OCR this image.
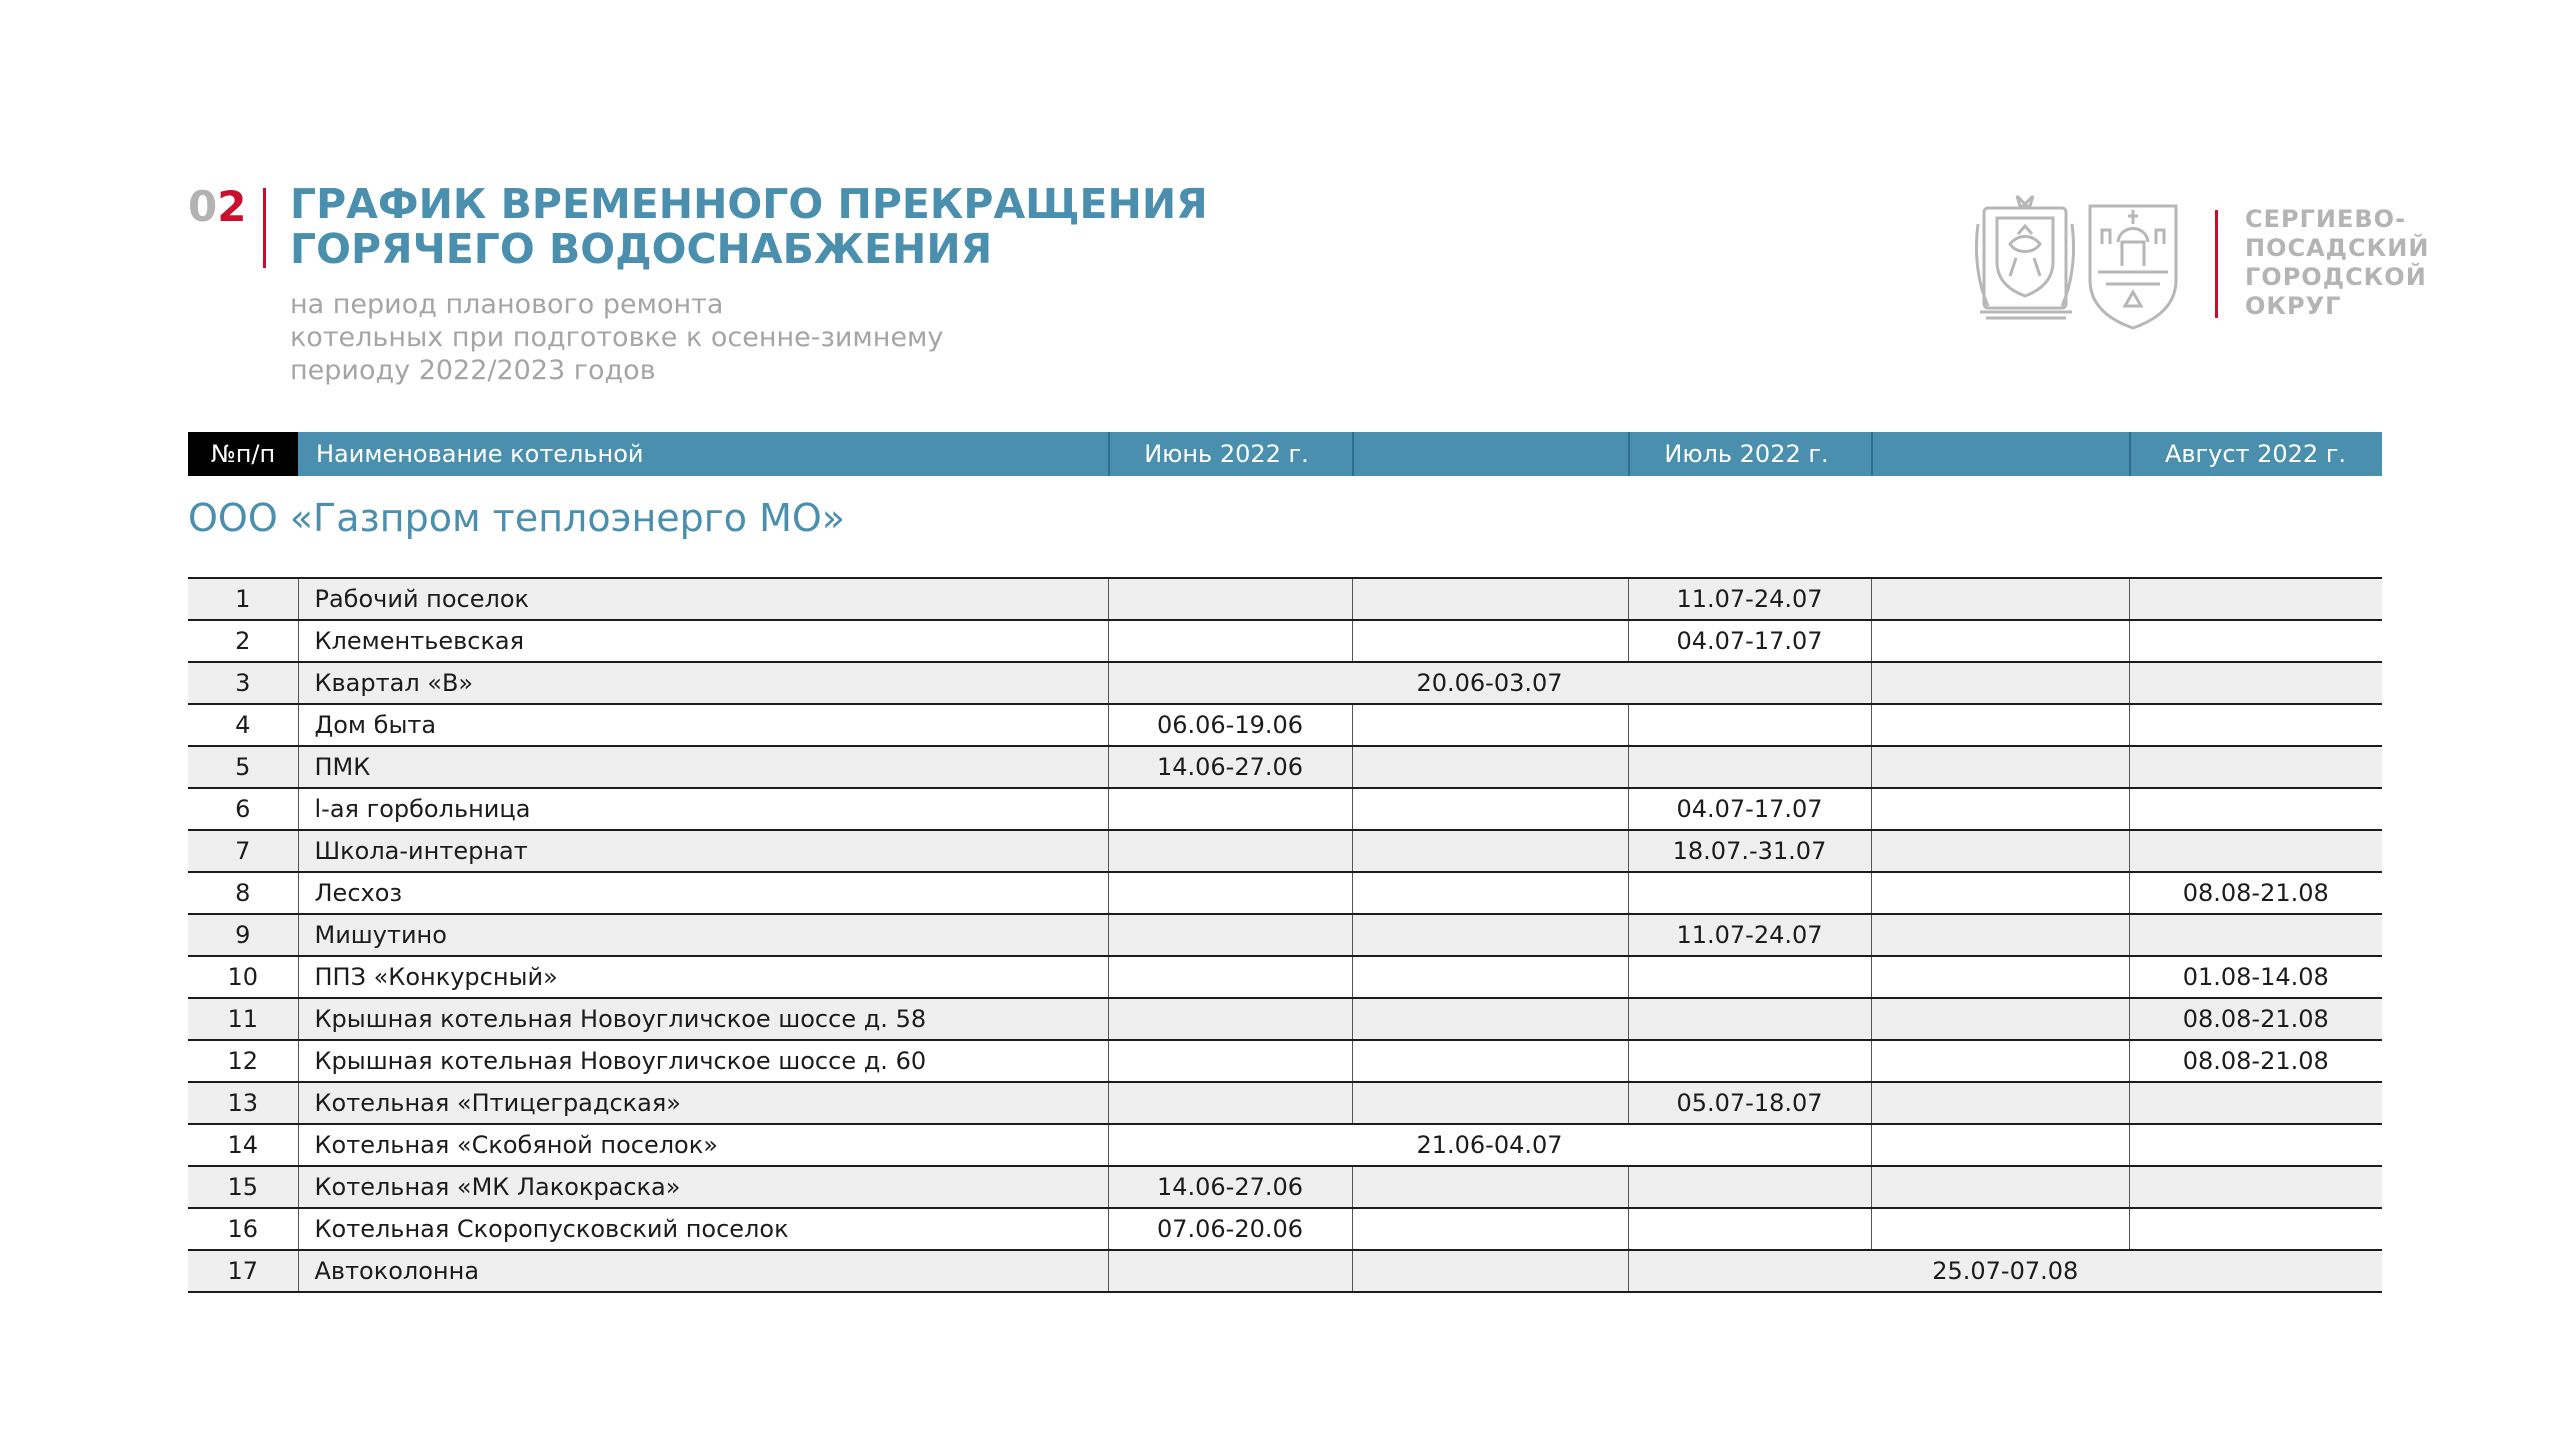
02 ГРАФИК ВРЕМЕННОГО ПРЕКРАЩЕНИЯ
ГОРЯЧЕГО ВОДОСНАБЖЕНИЯ
на период планового ремонта
котельных при подготовке к осенне-зимнему
периоду 2022/2023 годов
СЕРГИЕВО-
ПОСАДСКИЙ
ГОРОДСКОЙ
ОКРУГ
№п/п	Наименование котельной	Июнь 2022 г.	Июль 2022 г.	Август 2022 г.
ООО «Газпром теплоэнерго МО»
1	Рабочий поселок			11.07-24.07		
2	Клементьевская			04.07-17.07		
3	Квартал «В»	20.06-03.07				
4	Дом быта	06.06-19.06				
5	ПМК	14.06-27.06				
6	l-ая горбольница			04.07-17.07		
7	Школа-интернат			18.07.-31.07		
8	Лесхоз					08.08-21.08
9	Мишутино			11.07-24.07		
10	ППЗ «Конкурсный»					01.08-14.08
11	Крышная котельная Новоугличское шоссе д. 58					08.08-21.08
12	Крышная котельная Новоугличское шоссе д. 60					08.08-21.08
13	Котельная «Птицеградская»			05.07-18.07		
14	Котельная «Скобяной поселок»	21.06-04.07				
15	Котельная «МК Лакокраска»	14.06-27.06				
16	Котельная Скоропусковский поселок	07.06-20.06				
17	Автоколонна			25.07-07.08		
